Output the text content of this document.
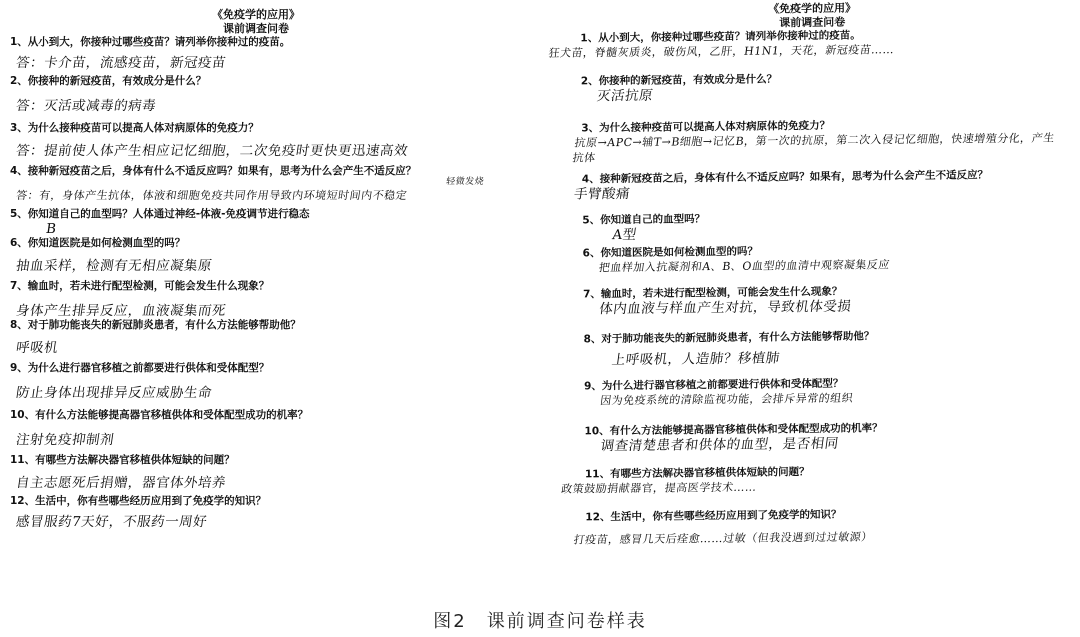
《免疫学的应用》

课前调查问卷

1、从小到大，你接种过哪些疫苗？请列举你接种过的疫苗。

答：卡介苗，流感疫苗，新冠疫苗

2、你接种的新冠疫苗，有效成分是什么？

答：灭活或减毒的病毒

3、为什么接种疫苗可以提高人体对病原体的免疫力？

答：提前使人体产生相应记忆细胞，二次免疫时更快更迅速高效

4、接种新冠疫苗之后，身体有什么不适反应吗？如果有，思考为什么会产生不适反应？

轻微发烧

答：有，身体产生抗体，体液和细胞免疫共同作用导致内环境短时间内不稳定

5、你知道自己的血型吗？人体通过神经-体液-免疫调节进行稳态

B

6、你知道医院是如何检测血型的吗？

抽血采样，检测有无相应凝集原

7、输血时，若未进行配型检测，可能会发生什么现象？

身体产生排异反应，血液凝集而死

8、对于肺功能丧失的新冠肺炎患者，有什么方法能够帮助他？

呼吸机

9、为什么进行器官移植之前都要进行供体和受体配型？

防止身体出现排异反应威胁生命

10、有什么方法能够提高器官移植供体和受体配型成功的机率？

注射免疫抑制剂

11、有哪些方法解决器官移植供体短缺的问题？

自主志愿死后捐赠，器官体外培养

12、生活中，你有些哪些经历应用到了免疫学的知识？

感冒服药7天好，不服药一周好

《免疫学的应用》

课前调查问卷

1、从小到大，你接种过哪些疫苗？请列举你接种过的疫苗。

狂犬苗，脊髓灰质炎，破伤风，乙肝，H1N1，天花，新冠疫苗……

2、你接种的新冠疫苗，有效成分是什么？

灭活抗原

3、为什么接种疫苗可以提高人体对病原体的免疫力？

抗原→APC→辅T→B细胞→记忆B，第一次的抗原，第二次入侵记忆细胞，快速增殖分化，产生抗体

4、接种新冠疫苗之后，身体有什么不适反应吗？如果有，思考为什么会产生不适反应？

手臂酸痛

5、你知道自己的血型吗？

A型

6、你知道医院是如何检测血型的吗？

把血样加入抗凝剂和A、B、O血型的血清中观察凝集反应

7、输血时，若未进行配型检测，可能会发生什么现象？

体内血液与样血产生对抗，导致机体受损

8、对于肺功能丧失的新冠肺炎患者，有什么方法能够帮助他？

上呼吸机，人造肺？移植肺

9、为什么进行器官移植之前都要进行供体和受体配型？

因为免疫系统的清除监视功能，会排斥异常的组织

10、有什么方法能够提高器官移植供体和受体配型成功的机率？

调查清楚患者和供体的血型，是否相同

11、有哪些方法解决器官移植供体短缺的问题？

政策鼓励捐献器官，提高医学技术……

12、生活中，你有些哪些经历应用到了免疫学的知识？

打疫苗，感冒几天后痊愈……过敏（但我没遇到过过敏源）

图2　课前调查问卷样表
